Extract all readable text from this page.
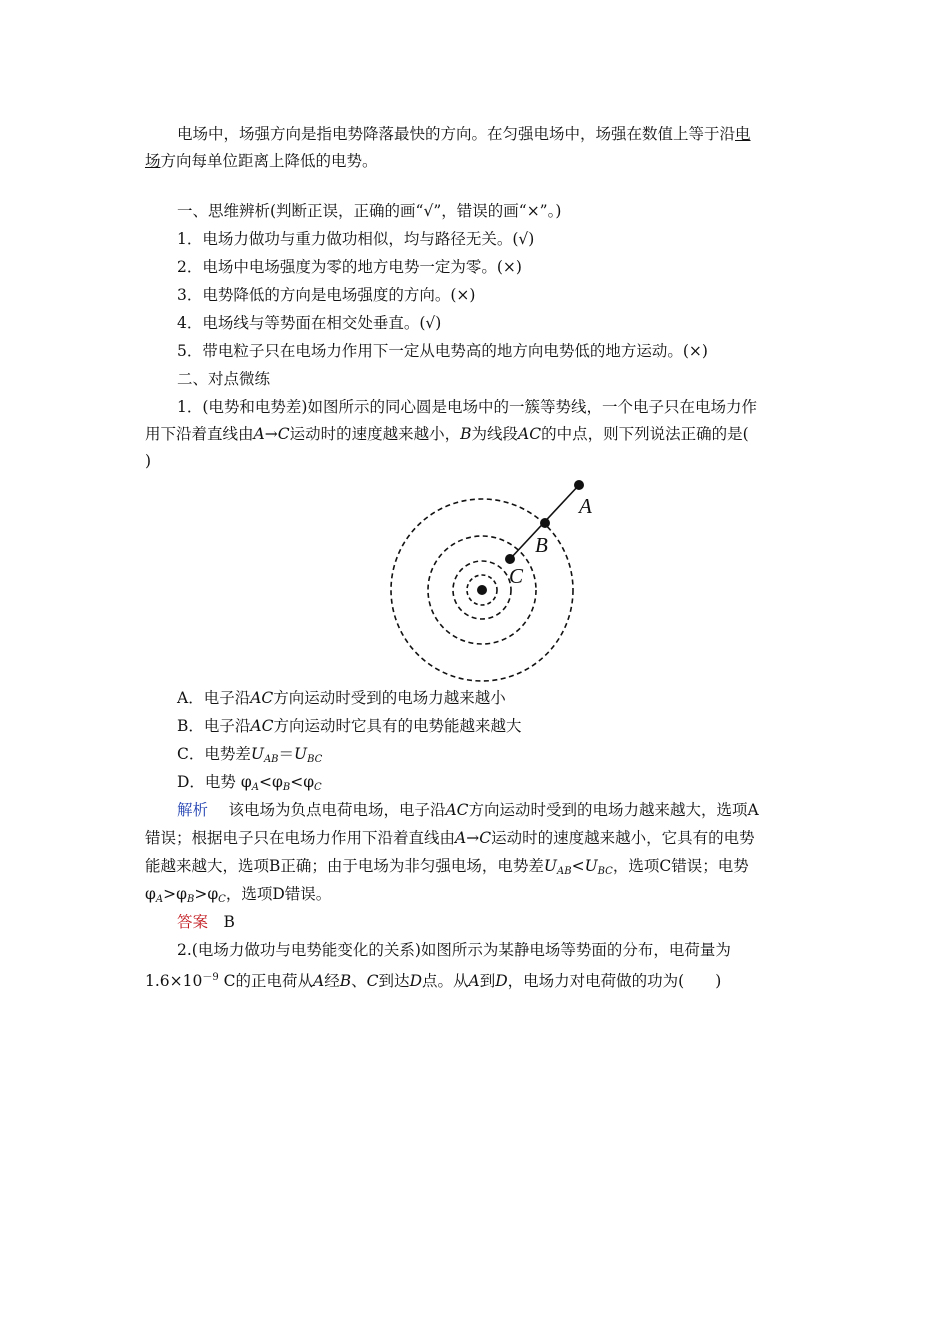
电场中，场强方向是指电势降落最快的方向。在匀强电场中，场强在数值上等于沿电
场方向每单位距离上降低的电势。
一、思维辨析(判断正误，正确的画“√”，错误的画“×”。)
1．电场力做功与重力做功相似，均与路径无关。(√)
2．电场中电场强度为零的地方电势一定为零。(×)
3．电势降低的方向是电场强度的方向。(×)
4．电场线与等势面在相交处垂直。(√)
5．带电粒子只在电场力作用下一定从电势高的地方向电势低的地方运动。(×)
二、对点微练
1．(电势和电势差)如图所示的同心圆是电场中的一簇等势线，一个电子只在电场力作
用下沿着直线由A→C运动时的速度越来越小，B为线段AC的中点，则下列说法正确的是(
)
A
B
C
A．电子沿AC方向运动时受到的电场力越来越小
B．电子沿AC方向运动时它具有的电势能越来越大
C．电势差$U_{AB}=U_{BC}$
D．电势 $\varphi_A<\varphi_B<\varphi_C$
解析　 该电场为负点电荷电场，电子沿AC方向运动时受到的电场力越来越大，选项A
错误；根据电子只在电场力作用下沿着直线由A→C运动时的速度越来越小，它具有的电势
能越来越大，选项B正确；由于电场为非匀强电场，电势差$U_{AB}<U_{BC}$，选项C错误；电势
$\varphi_A>\varphi_B>\varphi_C$，选项D错误。
答案　 B
2.(电场力做功与电势能变化的关系)如图所示为某静电场等势面的分布，电荷量为
$1.6\times 10^{-9}$ C的正电荷从A经B、C到达D点。从A到D，电场力对电荷做的功为(　　)
